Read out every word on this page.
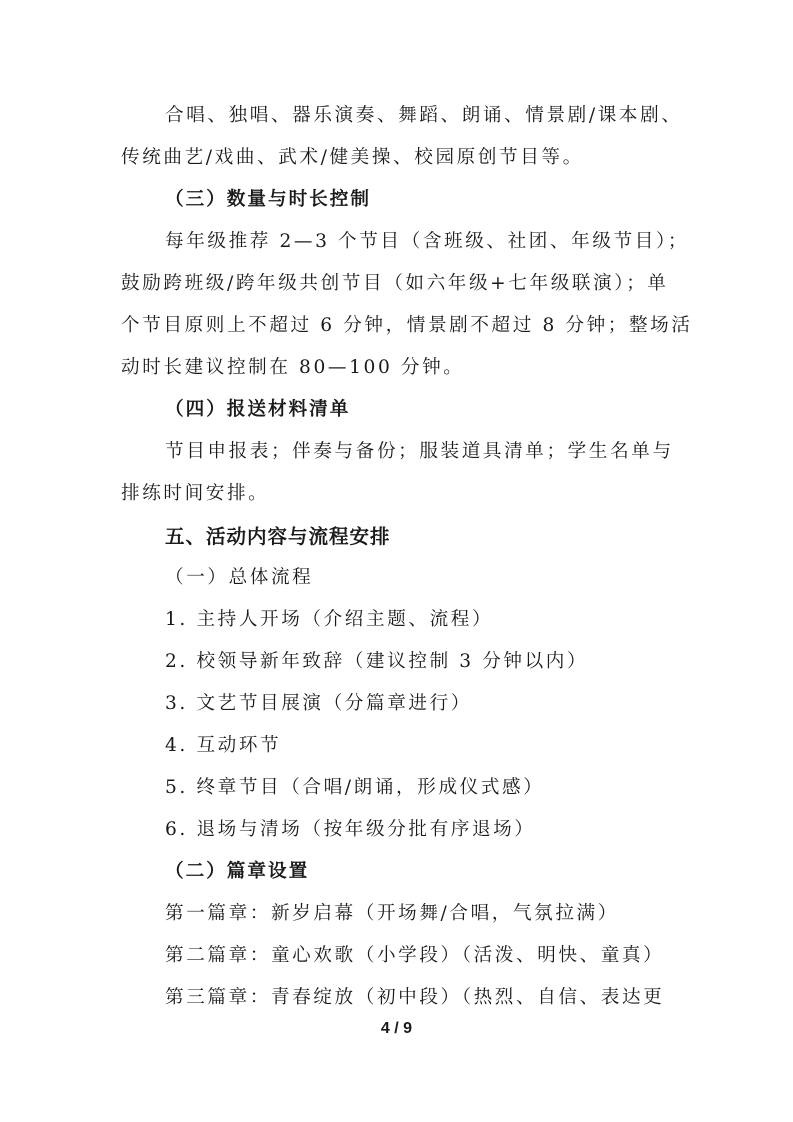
合唱、独唱、器乐演奏、舞蹈、朗诵、情景剧/课本剧、
传统曲艺/戏曲、武术/健美操、校园原创节目等。
（三）数量与时长控制
每年级推荐 2—3 个节目（含班级、社团、年级节目）；
鼓励跨班级/跨年级共创节目（如六年级+七年级联演）；单
个节目原则上不超过 6 分钟，情景剧不超过 8 分钟；整场活
动时长建议控制在 80—100 分钟。
（四）报送材料清单
节目申报表；伴奏与备份；服装道具清单；学生名单与
排练时间安排。
五、活动内容与流程安排
（一）总体流程
1. 主持人开场（介绍主题、流程）
2. 校领导新年致辞（建议控制 3 分钟以内）
3. 文艺节目展演（分篇章进行）
4. 互动环节
5. 终章节目（合唱/朗诵，形成仪式感）
6. 退场与清场（按年级分批有序退场）
（二）篇章设置
第一篇章：新岁启幕（开场舞/合唱，气氛拉满）
第二篇章：童心欢歌（小学段）（活泼、明快、童真）
第三篇章：青春绽放（初中段）（热烈、自信、表达更
4 / 9
